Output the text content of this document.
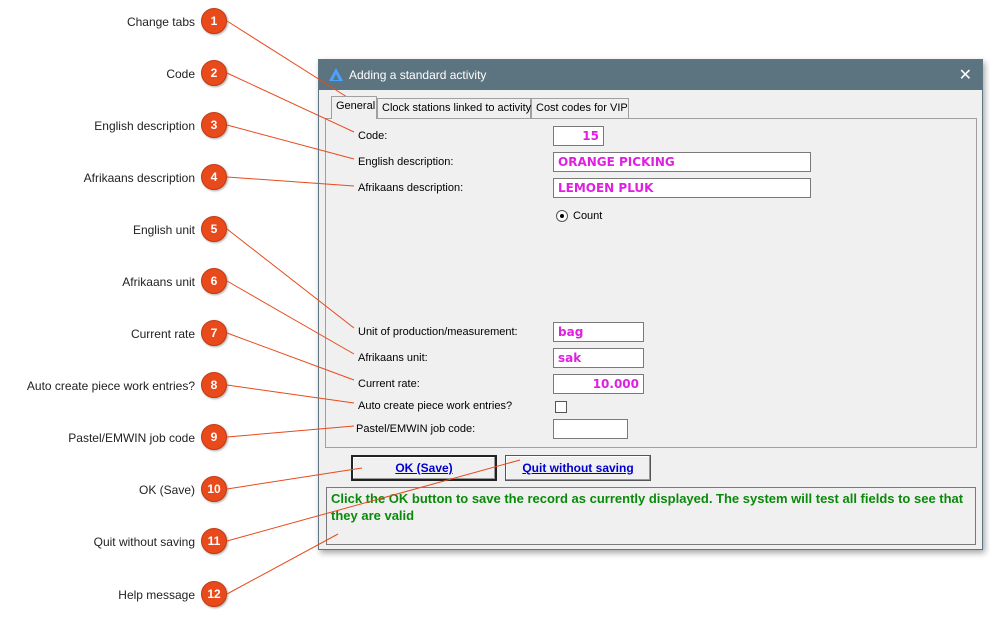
Change tabs	1
Code	2
English description	3
Afrikaans description	4
English unit	5
Afrikaans unit	6
Current rate	7
Auto create piece work entries?	8
Pastel/EMWIN job code	9
OK (Save)	10
Quit without saving	11
Help message	12
Adding a standard activity	✕
General Clock stations linked to activity Cost codes for VIP
Code:	15
English description:	ORANGE PICKING
Afrikaans description:	LEMOEN PLUK
Count
Unit of production/measurement:	bag
Afrikaans unit:	sak
Current rate:	10.000
Auto create piece work entries?
Pastel/EMWIN job code:
OK (Save)	Quit without saving
Click the OK button to save the record as currently displayed. The system will test all fields to see that they are valid
